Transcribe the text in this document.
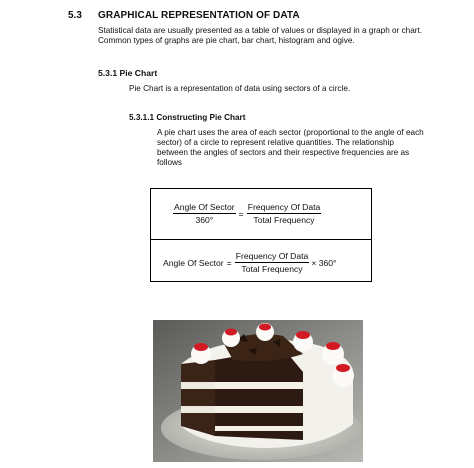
5.3 GRAPHICAL REPRESENTATION OF DATA
Statistical data are usually presented as a table of values or displayed in a graph or chart. Common types of graphs are pie chart, bar chart, histogram and ogive.
5.3.1 Pie Chart
Pie Chart is a representation of data using sectors of a circle.
5.3.1.1 Constructing Pie Chart
A pie chart uses the area of each sector (proportional to the angle of each sector) of a circle to represent relative quantities. The relationship between the angles of sectors and their respective frequencies are as follows
$\frac{\text{Angle Of Sector}}{360^\circ} = \frac{\text{Frequency Of Data}}{\text{Total Frequency}}$
Angle Of Sector = $\frac{\text{Frequency Of Data}}{\text{Total Frequency}} \times 360^\circ$
